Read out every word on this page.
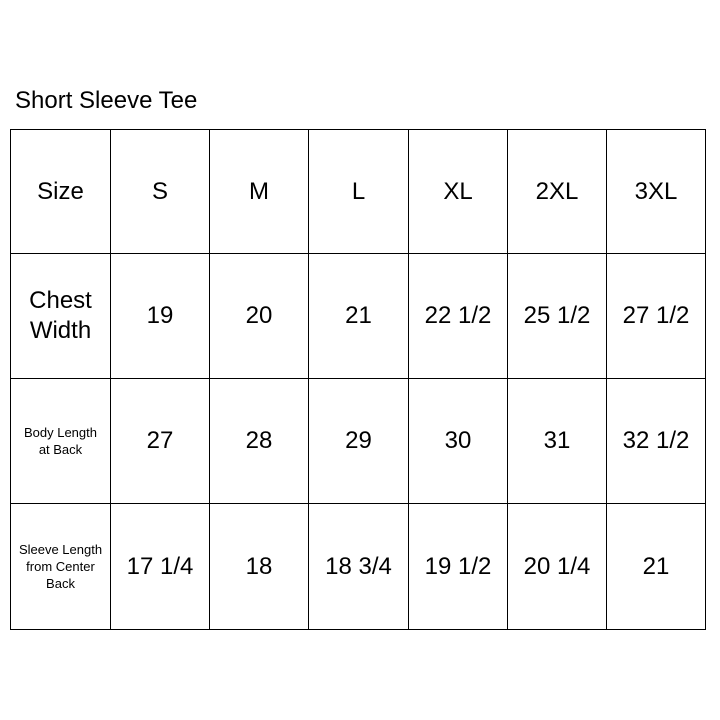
Short Sleeve Tee
Size	S	M	L	XL	2XL	3XL
Chest
Width	19	20	21	22 1/2	25 1/2	27 1/2
Body Length
at Back	27	28	29	30	31	32 1/2
Sleeve Length
from Center
Back	17 1/4	18	18 3/4	19 1/2	20 1/4	21
